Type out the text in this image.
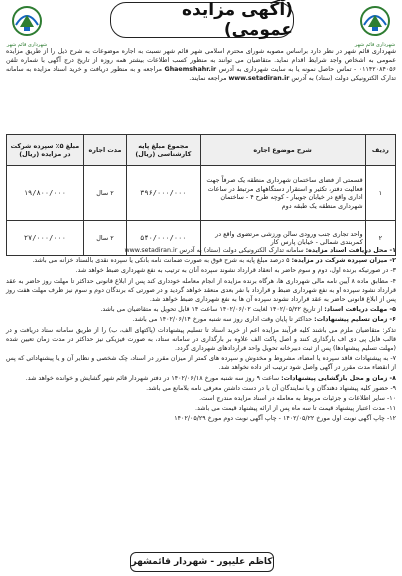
شهرداری قائم شهر
(آگهی مزایده عمومی)
شهرداری قائم شهر
شهرداری قائم شهر در نظر دارد براساس مصوبه شورای محترم اسلامی شهر قائم شهر نسبت به اجاره موضوعات به شرح ذیل را از طریق مزایده عمومی به اشخاص واجد شرایط اقدام نماید. متقاضیان می توانند به منظور کسب اطلاعات بیشتر همه روزه از تاریخ درج آگهی با شماره تلفن ۰۱۱۴۲۰۸۴۰۵۶ - تماس حاصل نمونه یا به سایت شهرداری به آدرس Ghaemshahr.ir مراجعه و به منظور دریافت و خرید اسناد مزایده به سامانه تدارک الکترونیکی دولت (ستاد) به آدرس www.setadiran.ir مراجعه نمایند.
ردیف	شرح موضوع اجاره	مجموع مبلغ پایه کارشناسی (ریال)	مدت اجاره	مبلغ ۵٪ سپرده شرکت در مزایده (ریال)
۱	قسمتی از فضای ساختمان شهرداری منطقه یک صرفاً جهت فعالیت دفتر، تکثیر و استقرار دستگاههای مرتبط در ساعات اداری واقع در خیابان جویبار - کوچه طرح ۴ - ساختمان شهرداری منطقه یک طبقه دوم	۳۹۶/۰۰۰/۰۰۰	۲ سال	۱۹/۸۰۰/۰۰۰
۲	واحد تجاری جنب ورودی سالن ورزشی مرتضوی واقع در کمربندی شمالی - خیابان پارس کار	۵۴۰/۰۰۰/۰۰۰	۲ سال	۲۷/۰۰۰/۰۰۰

۱- محل دریافت اسناد مزایده: سامانه تدارک الکترونیکی دولت (ستاد) به آدرس www.setadiran.ir

۲- میزان سپرده شرکت در مزایده: ۵ درصد مبلغ پایه به شرح فوق به صورت ضمانت نامه بانکی یا سپرده نقدی بالسناد خزانه می باشد.

۳- در صورتیکه برنده اول، دوم و سوم حاضر به انعقاد قرارداد نشوند سپرده آنان به ترتیب به نفع شهرداری ضبط خواهد شد.

۴- مطابق ماده ۸ آیین نامه مالی شهرداری ها، هرگاه برنده مزایده از انجام معامله خودداری کند پس از ابلاغ قانونی حداکثر تا مهلت روز حاضر به عقد قرارداد نشود سپرده او به نفع شهرداری ضبط و قرارداد با نفر بعدی منعقد خواهد گردید و در صورتی که برندگان دوم و سوم نیز ظرف مهلت هفت روز پس از ابلاغ قانونی حاضر به عقد قرارداد نشوند سپرده آن ها به نفع شهرداری ضبط خواهد شد.

۵- مهلت دریافت اسناد: از تاریخ ۱۴۰۲/۰۵/۲۲ لغایت ۱۴۰۲/۰۶/۰۲ ساعت ۱۴ قابل تحویل به متقاضیان می باشد.

۶- زمان تسلیم پیشنهادات: حداکثر تا پایان وقت اداری روز سه شنبه مورخ ۱۴۰۲/۰۶/۱۴ می باشد.

تذکر: متقاضیان ملزم می باشند کلیه فرآیند مزایده اعم از خرید اسناد تا تسلیم پیشنهادات (پاکتهای الف، ب) را از طریق سامانه ستاد دریافت و در قالب فایل پی دی اف بارگذاری کنند و اصل پاکت الف علاوه بر بارگذاری در سامانه ستاد، به صورت فیزیکی نیز حداکثر در مدت زمان تعیین شده (مهلت تسلیم پیشنهادها) پس از ثبت دبیرخانه تحویل واحد قراردادهای شهرداری گردد.

۷- به پیشنهادات فاقد سپرده یا امضاء، مشروط و مخدوش و سپرده های کمتر از میزان مقرر در اسناد، چک شخصی و نظایر آن و یا پیشنهاداتی که پس از انقضاء مدت مقرر در آگهی واصل شود ترتیب اثر داده نخواهد شد.

۸- زمان و محل بازگشایی پیشنهادات: ساعت ۹ روز سه شنبه مورخ ۱۴۰۲/۰۶/۱۸ در دفتر شهردار قائم شهر گشایش و خوانده خواهد شد.

۹- حضور کلیه پیشنهاد دهندگان و یا نمایندگان آن با در دست داشتن معرفی نامه بلامانع می باشد.

۱۰- سایر اطلاعات و جزئیات مربوط به معامله در اسناد مزایده مندرج است.

۱۱- مدت اعتبار پیشنهاد قیمت تا سه ماه پس از ارائه پیشنهاد قیمت می باشد.

۱۲- چاپ آگهی نوبت اول مورخ ۱۴۰۲/۰۵/۲۲ - چاپ آگهی نوبت دوم مورخ ۱۴۰۲/۰۵/۲۹

کاظم علیپور - شهردار قائمشهر
